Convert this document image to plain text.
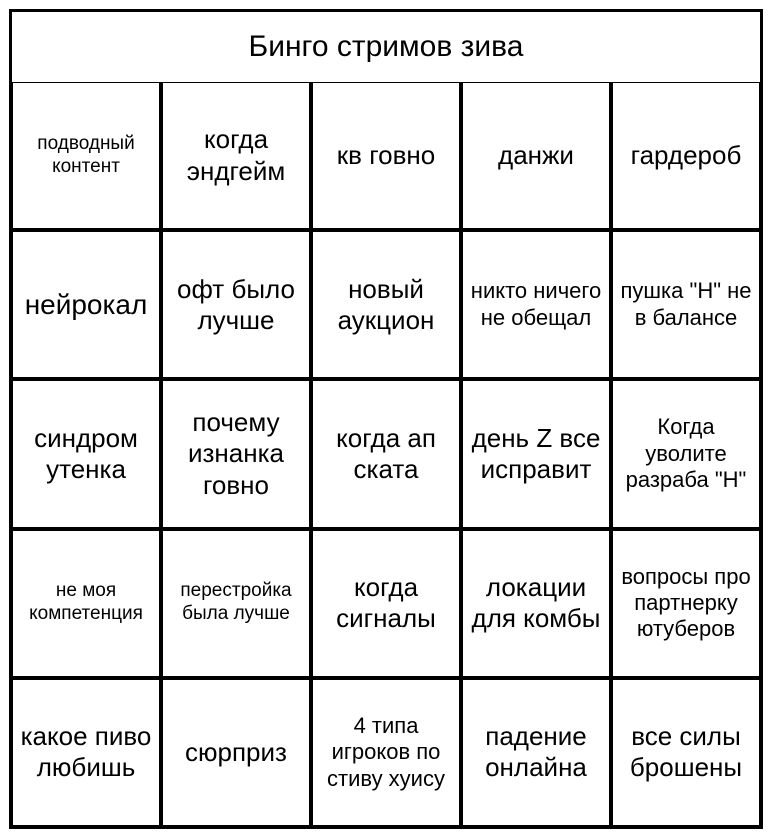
Бинго стримов зива
подводный контент
когда эндгейм
кв говно данжи гардероб
нейрокал
офт было лучше
новый аукцион
никто ничего не обещал
пушка "Н" не в балансе
синдром утенка
почему изнанка говно
когда ап ската
день Z все исправит
Когда уволите разраба "Н"
не моя компетенция
перестройка была лучше
когда сигналы
локации для комбы
вопросы про партнерку ютуберов
какое пиво любишь
сюрприз
4 типа игроков по стиву хуису
падение онлайна
все силы брошены
